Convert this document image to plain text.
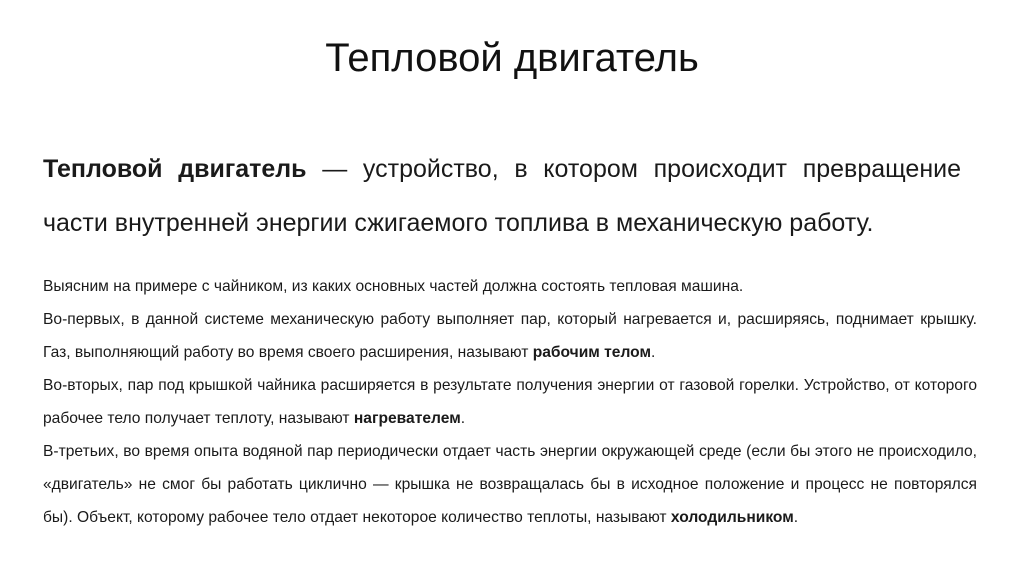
Тепловой двигатель

Тепловой двигатель — устройство, в котором происходит превращение части внутренней энергии сжигаемого топлива в механическую работу.

Выясним на примере с чайником, из каких основных частей должна состоять тепловая машина.

Во-первых, в данной системе механическую работу выполняет пар, который нагревается и, расширяясь, поднимает крышку. Газ, выполняющий работу во время своего расширения, называют рабочим телом.

Во-вторых, пар под крышкой чайника расширяется в результате получения энергии от газовой горелки. Устройство, от которого рабочее тело получает теплоту, называют нагревателем.

В-третьих, во время опыта водяной пар периодически отдает часть энергии окружающей среде (если бы этого не происходило, «двигатель» не смог бы работать циклично — крышка не возвращалась бы в исходное положение и процесс не повторялся бы). Объект, которому рабочее тело отдает некоторое количество теплоты, называют холодильником.
